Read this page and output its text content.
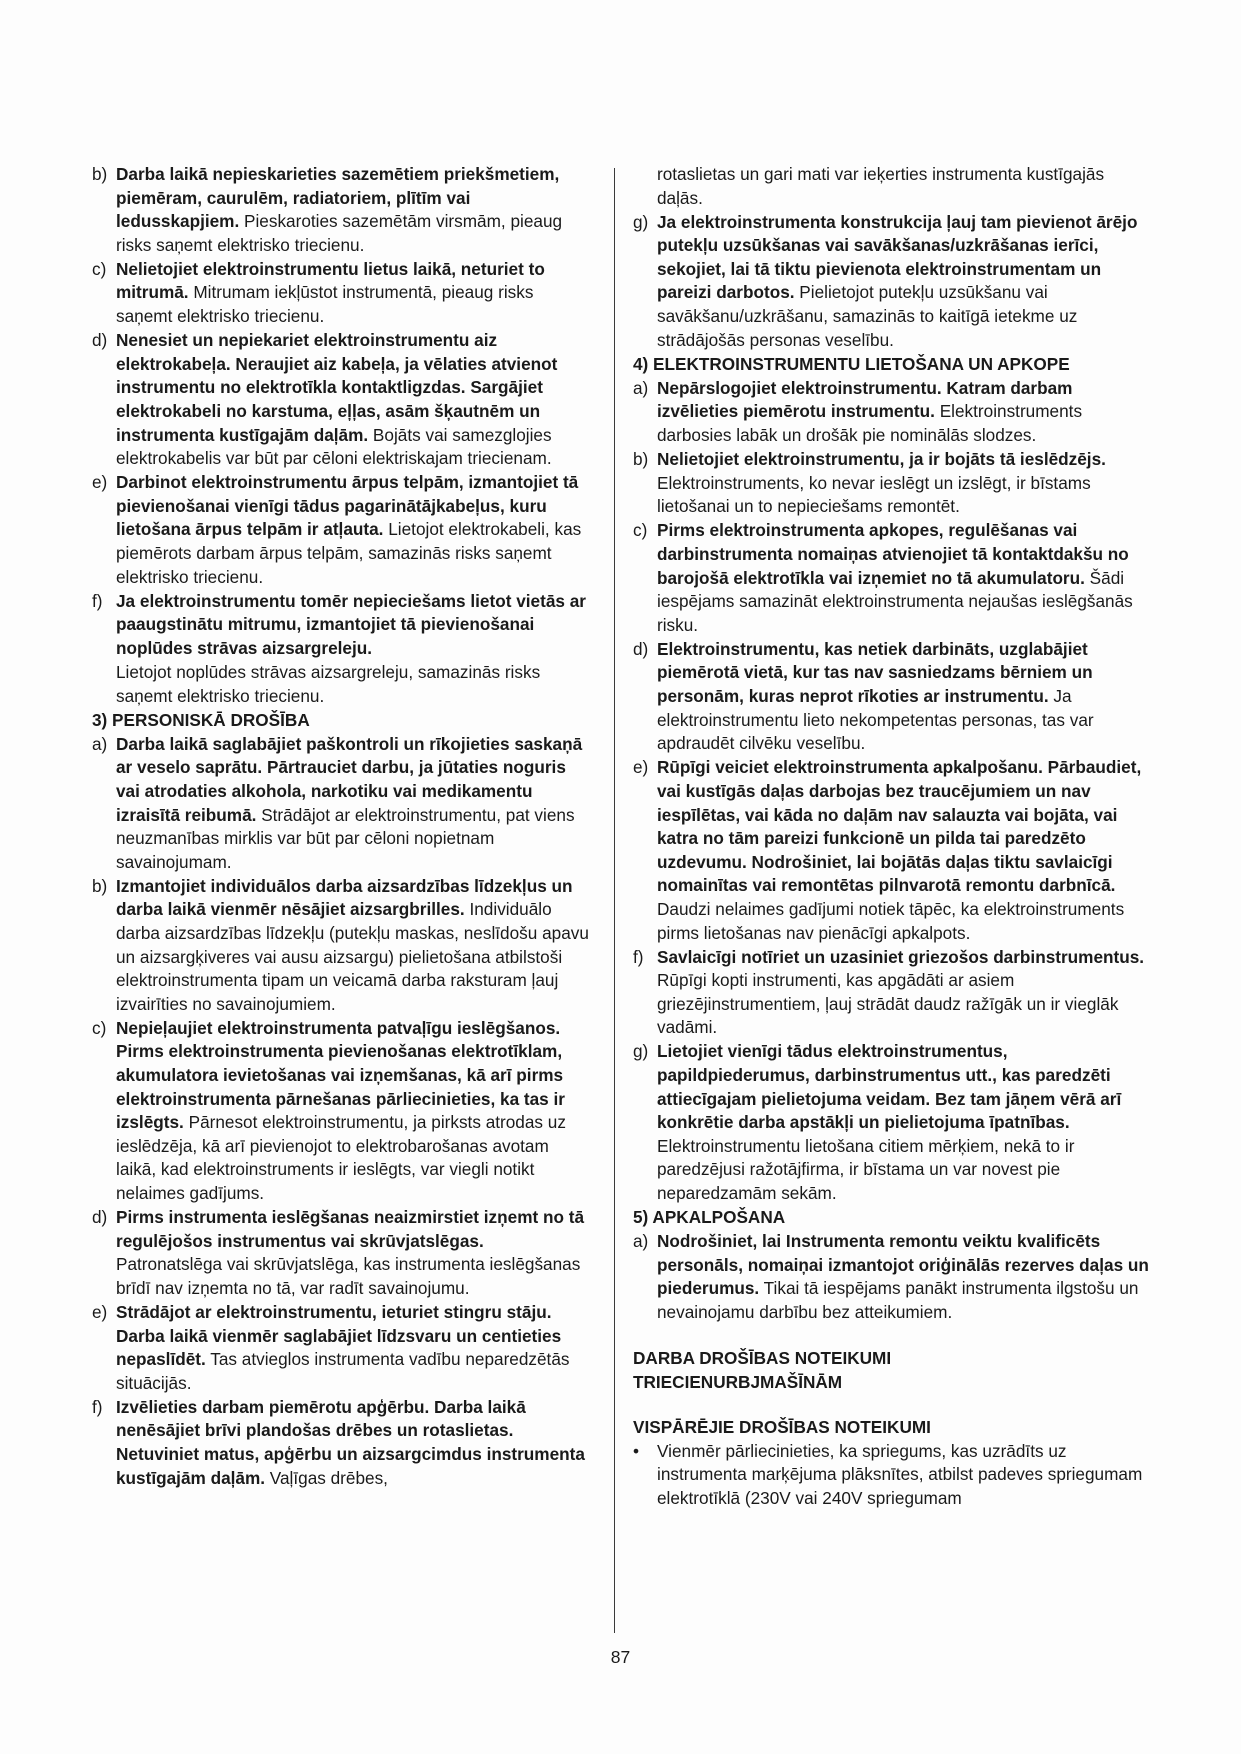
b) Darba laikā nepieskarieties sazemētiem priekšmetiem, piemēram, caurulēm, radiatoriem, plītīm vai ledusskapjiem. Pieskaroties sazemētām virsmām, pieaug risks saņemt elektrisko triecienu.
c) Nelietojiet elektroinstrumentu lietus laikā, neturiet to mitrumā. Mitrumam iekļūstot instrumentā, pieaug risks saņemt elektrisko triecienu.
d) Nenesiet un nepiekariet elektroinstrumentu aiz elektrokabeļa. Neraujiet aiz kabeļa, ja vēlaties atvienot instrumentu no elektrotīkla kontaktligzdas. Sargājiet elektrokabeli no karstuma, eļļas, asām šķautnēm un instrumenta kustīgajām daļām. Bojāts vai samezglojies elektrokabelis var būt par cēloni elektriskajam triecienam.
e) Darbinot elektroinstrumentu ārpus telpām, izmantojiet tā pievienošanai vienīgi tādus pagarinātājkabeļus, kuru lietošana ārpus telpām ir atļauta. Lietojot elektrokabeli, kas piemērots darbam ārpus telpām, samazinās risks saņemt elektrisko triecienu.
f) Ja elektroinstrumentu tomēr nepieciešams lietot vietās ar paaugstinātu mitrumu, izmantojiet tā pievienošanai noplūdes strāvas aizsargreleju.
Lietojot noplūdes strāvas aizsargreleju, samazinās risks saņemt elektrisko triecienu.
3) PERSONISKĀ DROŠĪBA
a) Darba laikā saglabājiet paškontroli un rīkojieties saskaņā ar veselo saprātu. Pārtrauciet darbu, ja jūtaties noguris vai atrodaties alkohola, narkotiku vai medikamentu izraisītā reibumā. Strādājot ar elektroinstrumentu, pat viens neuzmanības mirklis var būt par cēloni nopietnam savainojumam.
b) Izmantojiet individuālos darba aizsardzības līdzekļus un darba laikā vienmēr nēsājiet aizsargbrilles. Individuālo darba aizsardzības līdzekļu (putekļu maskas, neslīdošu apavu un aizsargķiveres vai ausu aizsargu) pielietošana atbilstoši elektroinstrumenta tipam un veicamā darba raksturam ļauj izvairīties no savainojumiem.
c) Nepieļaujiet elektroinstrumenta patvaļīgu ieslēgšanos. Pirms elektroinstrumenta pievienošanas elektrotīklam, akumulatora ievietošanas vai izņemšanas, kā arī pirms elektroinstrumenta pārnešanas pārliecinieties, ka tas ir izslēgts. Pārnesot elektroinstrumentu, ja pirksts atrodas uz ieslēdzēja, kā arī pievienojot to elektrobarošanas avotam laikā, kad elektroinstruments ir ieslēgts, var viegli notikt nelaimes gadījums.
d) Pirms instrumenta ieslēgšanas neaizmirstiet izņemt no tā regulējošos instrumentus vai skrūvjatslēgas. Patronatslēga vai skrūvjatslēga, kas instrumenta ieslēgšanas brīdī nav izņemta no tā, var radīt savainojumu.
e) Strādājot ar elektroinstrumentu, ieturiet stingru stāju. Darba laikā vienmēr saglabājiet līdzsvaru un centieties nepaslīdēt. Tas atvieglos instrumenta vadību neparedzētās situācijās.
f) Izvēlieties darbam piemērotu apģērbu. Darba laikā nenēsājiet brīvi plandošas drēbes un rotaslietas. Netuviniet matus, apģērbu un aizsargcimdus instrumenta kustīgajām daļām. Vaļīgas drēbes,
rotaslietas un gari mati var ieķerties instrumenta kustīgajās daļās.
g) Ja elektroinstrumenta konstrukcija ļauj tam pievienot ārējo putekļu uzsūkšanas vai savākšanas/uzkrāšanas ierīci, sekojiet, lai tā tiktu pievienota elektroinstrumentam un pareizi darbotos. Pielietojot putekļu uzsūkšanu vai savākšanu/uzkrāšanu, samazinās to kaitīgā ietekme uz strādājošās personas veselību.
4) ELEKTROINSTRUMENTU LIETOŠANA UN APKOPE
a) Nepārslogojiet elektroinstrumentu. Katram darbam izvēlieties piemērotu instrumentu. Elektroinstruments darbosies labāk un drošāk pie nominālās slodzes.
b) Nelietojiet elektroinstrumentu, ja ir bojāts tā ieslēdzējs. Elektroinstruments, ko nevar ieslēgt un izslēgt, ir bīstams lietošanai un to nepieciešams remontēt.
c) Pirms elektroinstrumenta apkopes, regulēšanas vai darbinstrumenta nomaiņas atvienojiet tā kontaktdakšu no barojošā elektrotīkla vai izņemiet no tā akumulatoru. Šādi iespējams samazināt elektroinstrumenta nejaušas ieslēgšanās risku.
d) Elektroinstrumentu, kas netiek darbināts, uzglabājiet piemērotā vietā, kur tas nav sasniedzams bērniem un personām, kuras neprot rīkoties ar instrumentu. Ja elektroinstrumentu lieto nekompetentas personas, tas var apdraudēt cilvēku veselību.
e) Rūpīgi veiciet elektroinstrumenta apkalpošanu. Pārbaudiet, vai kustīgās daļas darbojas bez traucējumiem un nav iespīlētas, vai kāda no daļām nav salauzta vai bojāta, vai katra no tām pareizi funkcionē un pilda tai paredzēto uzdevumu. Nodrošiniet, lai bojātās daļas tiktu savlaicīgi nomainītas vai remontētas pilnvarotā remontu darbnīcā. Daudzi nelaimes gadījumi notiek tāpēc, ka elektroinstruments pirms lietošanas nav pienācīgi apkalpots.
f) Savlaicīgi notīriet un uzasiniet griezošos darbinstrumentus. Rūpīgi kopti instrumenti, kas apgādāti ar asiem griezējinstrumentiem, ļauj strādāt daudz ražīgāk un ir vieglāk vadāmi.
g) Lietojiet vienīgi tādus elektroinstrumentus, papildpiederumus, darbinstrumentus utt., kas paredzēti attiecīgajam pielietojuma veidam. Bez tam jāņem vērā arī konkrētie darba apstākļi un pielietojuma īpatnības. Elektroinstrumentu lietošana citiem mērķiem, nekā to ir paredzējusi ražotājfirma, ir bīstama un var novest pie neparedzamām sekām.
5) APKALPOŠANA
a) Nodrošiniet, lai Instrumenta remontu veiktu kvalificēts personāls, nomaiņai izmantojot oriģinālās rezerves daļas un piederumus. Tikai tā iespējams panākt instrumenta ilgstošu un nevainojamu darbību bez atteikumiem.
DARBA DROŠĪBAS NOTEIKUMI
TRIECIENURBJMAŠĪNĀM
VISPĀRĒJIE DROŠĪBAS NOTEIKUMI
• Vienmēr pārliecinieties, ka spriegums, kas uzrādīts uz instrumenta marķējuma plāksnītes, atbilst padeves spriegumam elektrotīklā (230V vai 240V spriegumam
87
